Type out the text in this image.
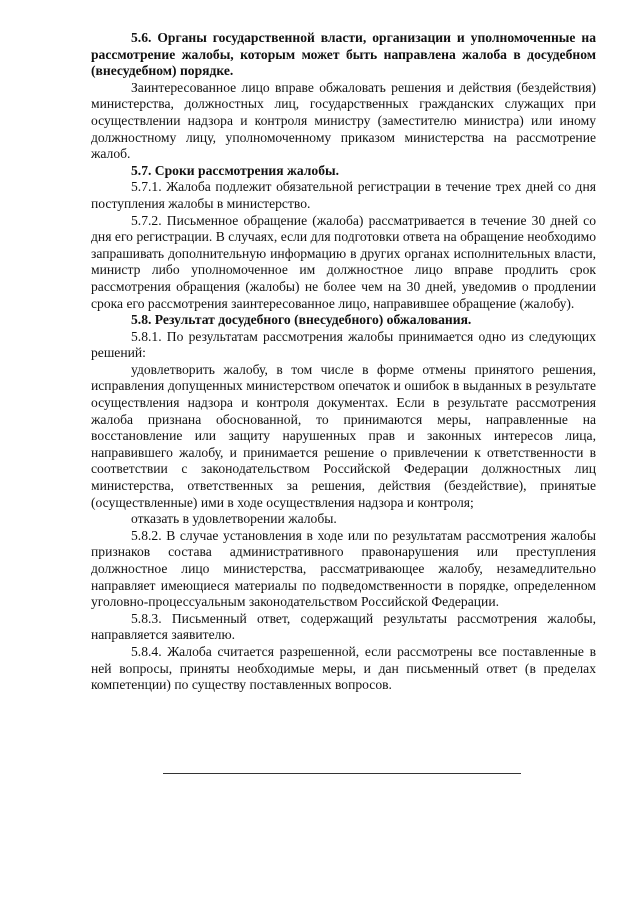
5.6. Органы государственной власти, организации и уполномоченные на рассмотрение жалобы, которым может быть направлена жалоба в досудебном (внесудебном) порядке.

Заинтересованное лицо вправе обжаловать решения и действия (бездействия) министерства, должностных лиц, государственных гражданских служащих при осуществлении надзора и контроля министру (заместителю министра) или иному должностному лицу, уполномоченному приказом министерства на рассмотрение жалоб.

5.7. Сроки рассмотрения жалобы.

5.7.1. Жалоба подлежит обязательной регистрации в течение трех дней со дня поступления жалобы в министерство.

5.7.2. Письменное обращение (жалоба) рассматривается в течение 30 дней со дня его регистрации. В случаях, если для подготовки ответа на обращение необходимо запрашивать дополнительную информацию в других органах исполнительных власти, министр либо уполномоченное им должностное лицо вправе продлить срок рассмотрения обращения (жалобы) не более чем на 30 дней, уведомив о продлении срока его рассмотрения заинтересованное лицо, направившее обращение (жалобу).

5.8. Результат досудебного (внесудебного) обжалования.

5.8.1. По результатам рассмотрения жалобы принимается одно из следующих решений:

удовлетворить жалобу, в том числе в форме отмены принятого решения, исправления допущенных министерством опечаток и ошибок в выданных в результате осуществления надзора и контроля документах. Если в результате рассмотрения жалоба признана обоснованной, то принимаются меры, направленные на восстановление или защиту нарушенных прав и законных интересов лица, направившего жалобу, и принимается решение о привлечении к ответственности в соответствии с законодательством Российской Федерации должностных лиц министерства, ответственных за решения, действия (бездействие), принятые (осуществленные) ими в ходе осуществления надзора и контроля;

отказать в удовлетворении жалобы.

5.8.2. В случае установления в ходе или по результатам рассмотрения жалобы признаков состава административного правонарушения или преступления должностное лицо министерства, рассматривающее жалобу, незамедлительно направляет имеющиеся материалы по подведомственности в порядке, определенном уголовно-процессуальным законодательством Российской Федерации.

5.8.3. Письменный ответ, содержащий результаты рассмотрения жалобы, направляется заявителю.

5.8.4. Жалоба считается разрешенной, если рассмотрены все поставленные в ней вопросы, приняты необходимые меры, и дан письменный ответ (в пределах компетенции) по существу поставленных вопросов.
